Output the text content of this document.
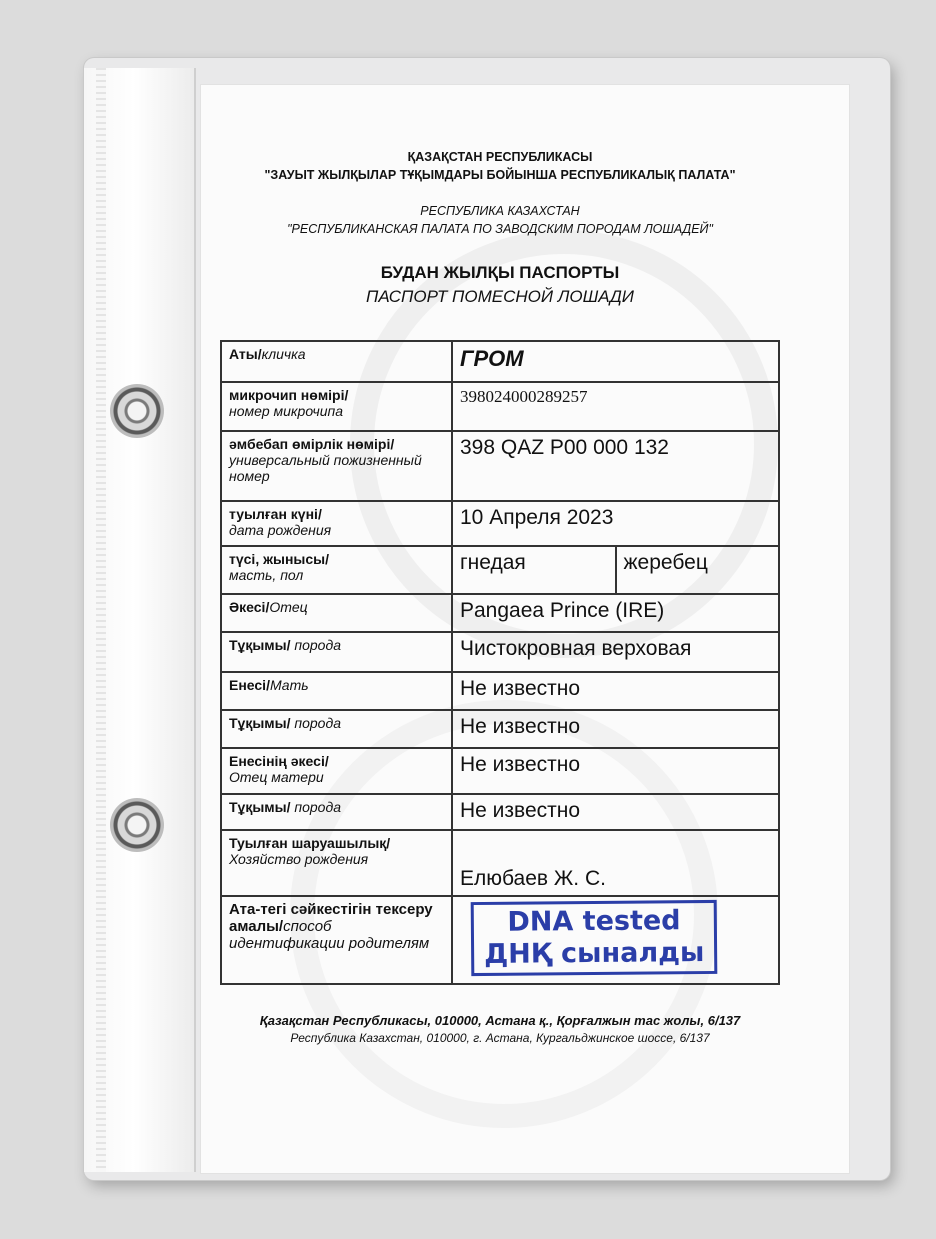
ҚАЗАҚСТАН РЕСПУБЛИКАСЫ
"ЗАУЫТ ЖЫЛҚЫЛАР ТҰҚЫМДАРЫ БОЙЫНША РЕСПУБЛИКАЛЫҚ ПАЛАТА"
РЕСПУБЛИКА КАЗАХСТАН
"РЕСПУБЛИКАНСКАЯ ПАЛАТА ПО ЗАВОДСКИМ ПОРОДАМ ЛОШАДЕЙ"
БУДАН ЖЫЛҚЫ ПАСПОРТЫ
ПАСПОРТ ПОМЕСНОЙ ЛОШАДИ
Аты/кличка	ГРОМ	
микрочип нөмірі/
номер микрочипа	398024000289257	
әмбебап өмірлік нөмірі/универсальный пожизненный номер	398 QAZ P00 000 132	
туылған күні/
дата рождения	10 Апреля 2023	
түсі, жынысы/
масть, пол	гнедая	жеребец
Әкесі/Отец	Pangaea Prince (IRE)	
Тұқымы/ порода	Чистокровная верховая	
Енесі/Мать	Не известно	
Тұқымы/ порода	Не известно	
Енесінің әкесі/
Отец матери	Не известно	
Тұқымы/ порода	Не известно	
Туылған шаруашылық/
Хозяйство рождения	Елюбаев Ж. С.	
Ата-тегі сәйкестігін тексеру амалы/способ идентификации родителям	DNA tested
ДНҚ сыналды	
Қазақстан Республикасы, 010000, Астана қ., Қорғалжын тас жолы, 6/137
Республика Казахстан, 010000, г. Астана, Кургальджинское шоссе, 6/137
